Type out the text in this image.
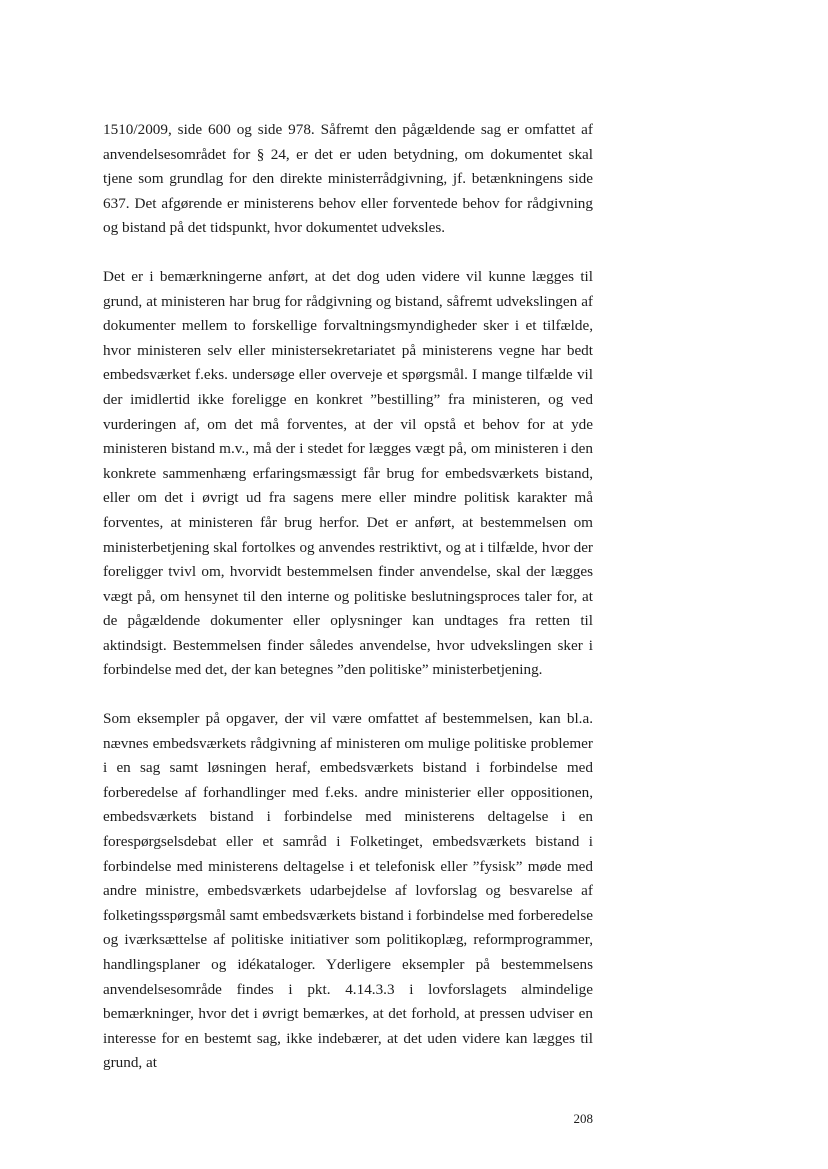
1510/2009, side 600 og side 978. Såfremt den pågældende sag er omfattet af anvendelsesområdet for § 24, er det er uden betydning, om dokumentet skal tjene som grundlag for den direkte ministerrådgivning, jf. betænkningens side 637. Det afgørende er ministerens behov eller forventede behov for rådgivning og bistand på det tidspunkt, hvor dokumentet udveksles.

Det er i bemærkningerne anført, at det dog uden videre vil kunne lægges til grund, at ministeren har brug for rådgivning og bistand, såfremt udvekslingen af dokumenter mellem to forskellige forvaltningsmyndigheder sker i et tilfælde, hvor ministeren selv eller ministersekretariatet på ministerens vegne har bedt embedsværket f.eks. undersøge eller overveje et spørgsmål. I mange tilfælde vil der imidlertid ikke foreligge en konkret ”bestilling” fra ministeren, og ved vurderingen af, om det må forventes, at der vil opstå et behov for at yde ministeren bistand m.v., må der i stedet for lægges vægt på, om ministeren i den konkrete sammenhæng erfaringsmæssigt får brug for embedsværkets bistand, eller om det i øvrigt ud fra sagens mere eller mindre politisk karakter må forventes, at ministeren får brug herfor. Det er anført, at bestemmelsen om ministerbetjening skal fortolkes og anvendes restriktivt, og at i tilfælde, hvor der foreligger tvivl om, hvorvidt bestemmelsen finder anvendelse, skal der lægges vægt på, om hensynet til den interne og politiske beslutningsproces taler for, at de pågældende dokumenter eller oplysninger kan undtages fra retten til aktindsigt. Bestemmelsen finder således anvendelse, hvor udvekslingen sker i forbindelse med det, der kan betegnes ”den politiske” ministerbetjening.

Som eksempler på opgaver, der vil være omfattet af bestemmelsen, kan bl.a. nævnes embedsværkets rådgivning af ministeren om mulige politiske problemer i en sag samt løsningen heraf, embedsværkets bistand i forbindelse med forberedelse af forhandlinger med f.eks. andre ministerier eller oppositionen, embedsværkets bistand i forbindelse med ministerens deltagelse i en forespørgselsdebat eller et samråd i Folketinget, embedsværkets bistand i forbindelse med ministerens deltagelse i et telefonisk eller ”fysisk” møde med andre ministre, embedsværkets udarbejdelse af lovforslag og besvarelse af folketingsspørgsmål samt embedsværkets bistand i forbindelse med forberedelse og iværksættelse af politiske initiativer som politikoplæg, reformprogrammer, handlingsplaner og idékataloger. Yderligere eksempler på bestemmelsens anvendelsesområde findes i pkt. 4.14.3.3 i lovforslagets almindelige bemærkninger, hvor det i øvrigt bemærkes, at det forhold, at pressen udviser en interesse for en bestemt sag, ikke indebærer, at det uden videre kan lægges til grund, at

208
